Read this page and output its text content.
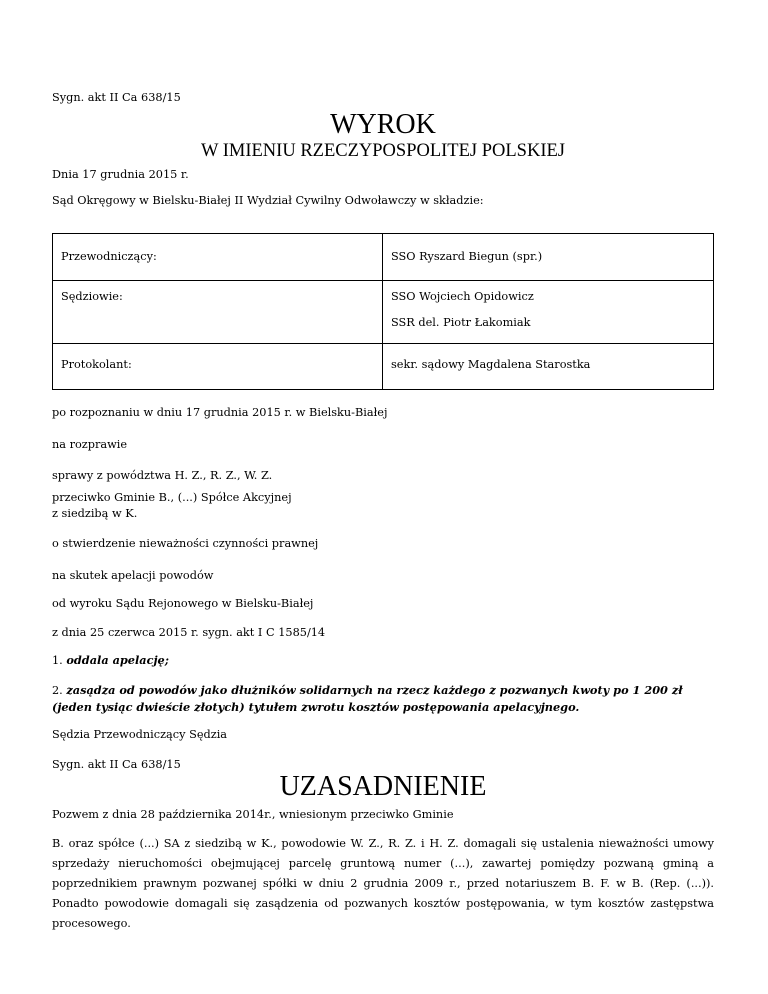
Sygn. akt II Ca 638/15
WYROK
W IMIENIU RZECZYPOSPOLITEJ POLSKIEJ
Dnia 17 grudnia 2015 r.
Sąd Okręgowy w Bielsku-Białej II Wydział Cywilny Odwoławczy w składzie:
Przewodniczący:	SSO Ryszard Biegun (spr.)

Sędziowie:	SSO Wojciech Opidowicz
SSR del. Piotr Łakomiak

Protokolant:	sekr. sądowy Magdalena Starostka
po rozpoznaniu w dniu 17 grudnia 2015 r. w Bielsku-Białej
na rozprawie
sprawy z powództwa H. Z., R. Z., W. Z.
przeciwko Gminie B., (...) Spółce Akcyjnej
z siedzibą w K.
o stwierdzenie nieważności czynności prawnej
na skutek apelacji powodów
od wyroku Sądu Rejonowego w Bielsku-Białej
z dnia 25 czerwca 2015 r. sygn. akt I C 1585/14
1. oddala apelację;
2. zasądza od powodów jako dłużników solidarnych na rzecz każdego z pozwanych kwoty po 1 200 zł (jeden tysiąc dwieście złotych) tytułem zwrotu kosztów postępowania apelacyjnego.
Sędzia Przewodniczący Sędzia
Sygn. akt II Ca 638/15
UZASADNIENIE
Pozwem z dnia 28 października 2014r., wniesionym przeciwko Gminie
B. oraz spółce (...) SA z siedzibą w K., powodowie W. Z., R. Z. i H. Z. domagali się ustalenia nieważności umowy sprzedaży nieruchomości obejmującej parcelę gruntową numer (...), zawartej pomiędzy pozwaną gminą a poprzednikiem prawnym pozwanej spółki w dniu 2 grudnia 2009 r., przed notariuszem B. F. w B. (Rep. (...)). Ponadto powodowie domagali się zasądzenia od pozwanych kosztów postępowania, w tym kosztów zastępstwa procesowego.
